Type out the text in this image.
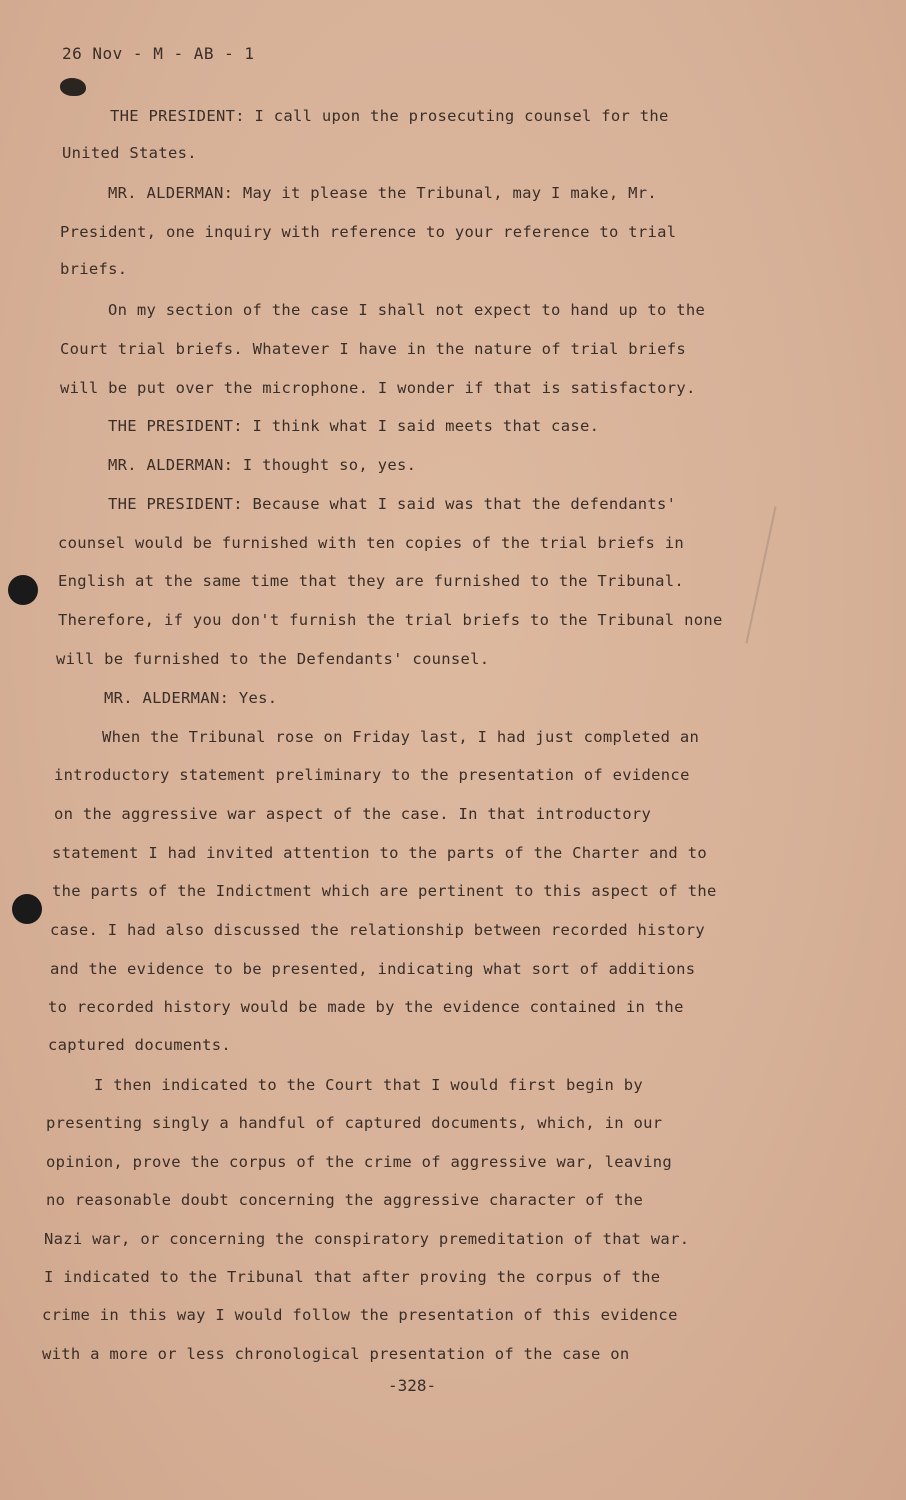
26 Nov - M - AB - 1
THE PRESIDENT: I call upon the prosecuting counsel for the
United States.
MR. ALDERMAN: May it please the Tribunal, may I make, Mr.
President, one inquiry with reference to your reference to trial
briefs.
On my section of the case I shall not expect to hand up to the
Court trial briefs. Whatever I have in the nature of trial briefs
will be put over the microphone. I wonder if that is satisfactory.
THE PRESIDENT: I think what I said meets that case.
MR. ALDERMAN: I thought so, yes.
THE PRESIDENT: Because what I said was that the defendants'
counsel would be furnished with ten copies of the trial briefs in
English at the same time that they are furnished to the Tribunal.
Therefore, if you don't furnish the trial briefs to the Tribunal none
will be furnished to the Defendants' counsel.
MR. ALDERMAN: Yes.
When the Tribunal rose on Friday last, I had just completed an
introductory statement preliminary to the presentation of evidence
on the aggressive war aspect of the case. In that introductory
statement I had invited attention to the parts of the Charter and to
the parts of the Indictment which are pertinent to this aspect of the
case. I had also discussed the relationship between recorded history
and the evidence to be presented, indicating what sort of additions
to recorded history would be made by the evidence contained in the
captured documents.
I then indicated to the Court that I would first begin by
presenting singly a handful of captured documents, which, in our
opinion, prove the corpus of the crime of aggressive war, leaving
no reasonable doubt concerning the aggressive character of the
Nazi war, or concerning the conspiratory premeditation of that war.
I indicated to the Tribunal that after proving the corpus of the
crime in this way I would follow the presentation of this evidence
with a more or less chronological presentation of the case on
-328-
